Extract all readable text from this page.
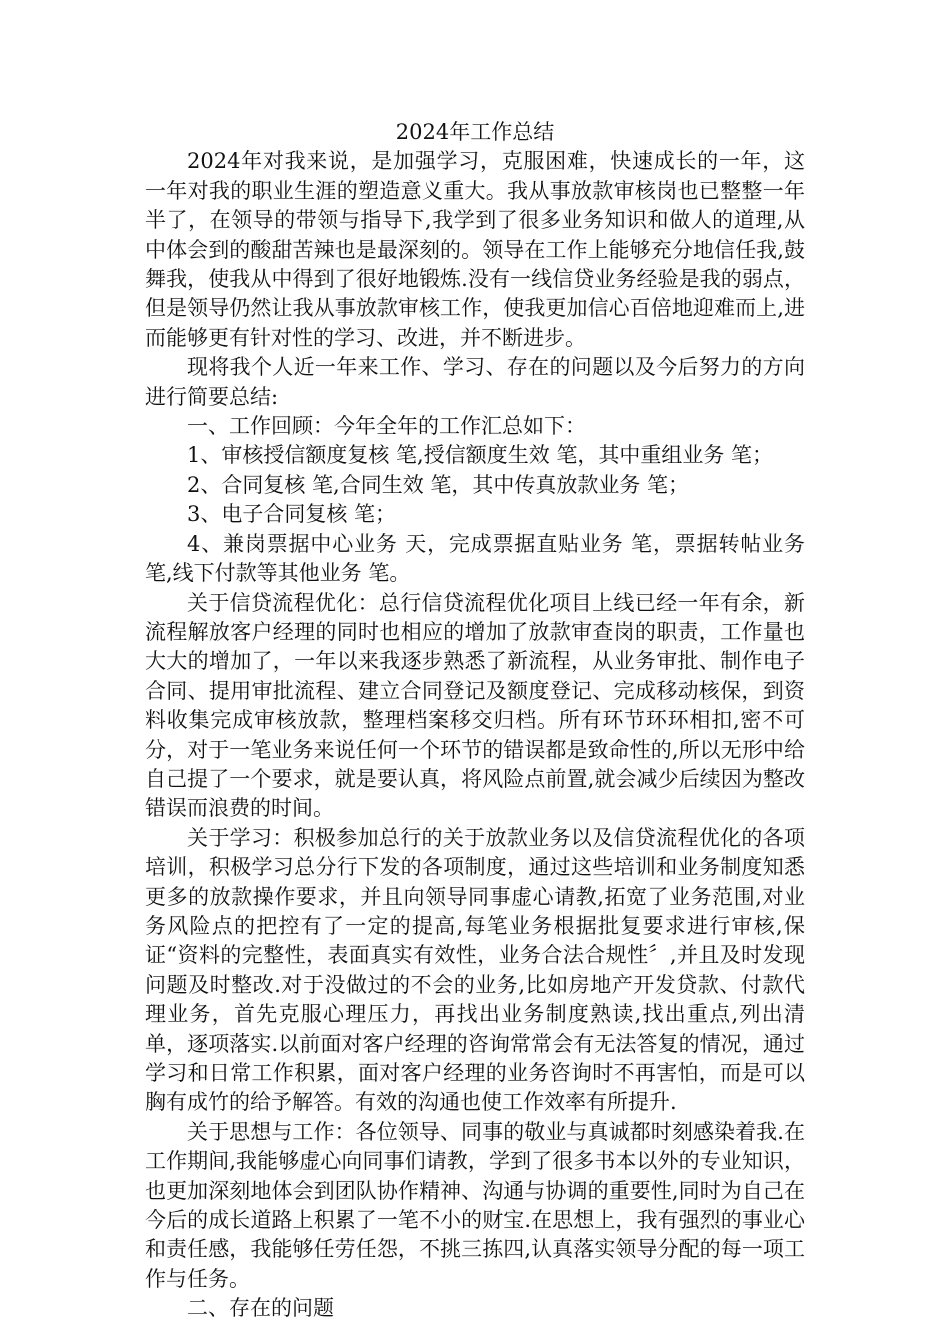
2024年工作总结

2024年对我来说，是加强学习，克服困难，快速成长的一年，这一年对我的职业生涯的塑造意义重大。我从事放款审核岗也已整整一年半了，在领导的带领与指导下,我学到了很多业务知识和做人的道理,从中体会到的酸甜苦辣也是最深刻的。领导在工作上能够充分地信任我,鼓舞我，使我从中得到了很好地锻炼.没有一线信贷业务经验是我的弱点，但是领导仍然让我从事放款审核工作，使我更加信心百倍地迎难而上,进而能够更有针对性的学习、改进，并不断进步。

现将我个人近一年来工作、学习、存在的问题以及今后努力的方向进行简要总结:

一、工作回顾：今年全年的工作汇总如下：

1、审核授信额度复核 笔,授信额度生效 笔，其中重组业务 笔；

2、合同复核 笔,合同生效 笔，其中传真放款业务 笔；

3、电子合同复核 笔；

4、兼岗票据中心业务 天，完成票据直贴业务 笔，票据转帖业务 笔,线下付款等其他业务 笔。

关于信贷流程优化：总行信贷流程优化项目上线已经一年有余，新流程解放客户经理的同时也相应的增加了放款审查岗的职责，工作量也大大的增加了，一年以来我逐步熟悉了新流程，从业务审批、制作电子合同、提用审批流程、建立合同登记及额度登记、完成移动核保，到资料收集完成审核放款，整理档案移交归档。所有环节环环相扣,密不可分，对于一笔业务来说任何一个环节的错误都是致命性的,所以无形中给自己提了一个要求，就是要认真，将风险点前置,就会减少后续因为整改错误而浪费的时间。

关于学习：积极参加总行的关于放款业务以及信贷流程优化的各项培训，积极学习总分行下发的各项制度，通过这些培训和业务制度知悉更多的放款操作要求，并且向领导同事虚心请教,拓宽了业务范围,对业务风险点的把控有了一定的提高,每笔业务根据批复要求进行审核,保证“资料的完整性，表面真实有效性，业务合法合规性〞,并且及时发现问题及时整改.对于没做过的不会的业务,比如房地产开发贷款、付款代理业务，首先克服心理压力，再找出业务制度熟读,找出重点,列出清单，逐项落实.以前面对客户经理的咨询常常会有无法答复的情况，通过学习和日常工作积累，面对客户经理的业务咨询时不再害怕，而是可以胸有成竹的给予解答。有效的沟通也使工作效率有所提升.

关于思想与工作：各位领导、同事的敬业与真诚都时刻感染着我.在工作期间,我能够虚心向同事们请教，学到了很多书本以外的专业知识，也更加深刻地体会到团队协作精神、沟通与协调的重要性,同时为自己在今后的成长道路上积累了一笔不小的财宝.在思想上，我有强烈的事业心和责任感，我能够任劳任怨，不挑三拣四,认真落实领导分配的每一项工作与任务。

二、存在的问题
